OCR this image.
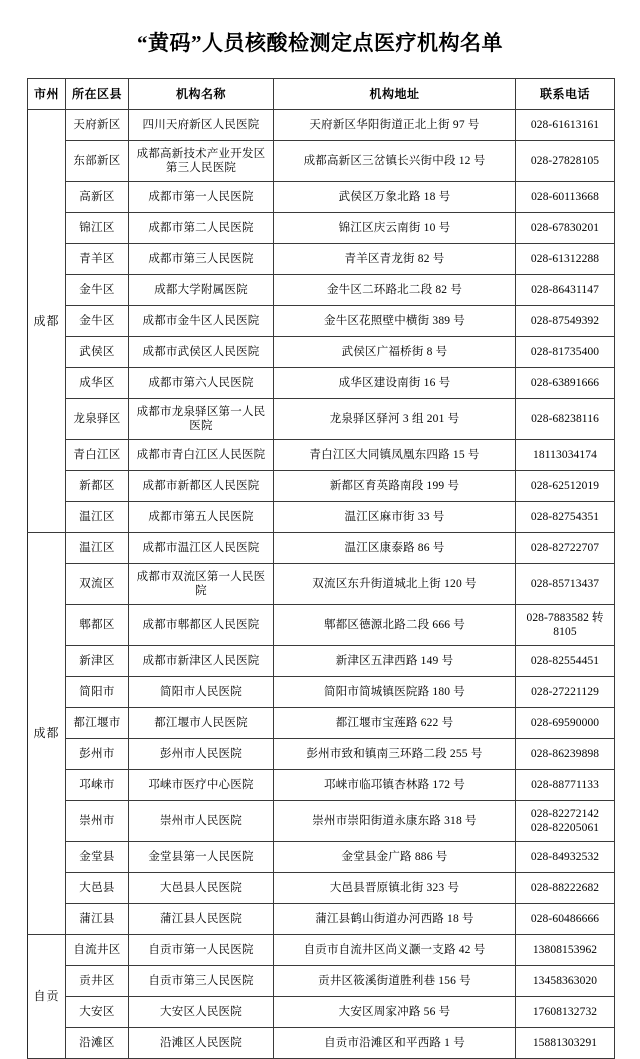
“黄码”人员核酸检测定点医疗机构名单
市州	所在区县	机构名称	机构地址	联系电话
成都	天府新区	四川天府新区人民医院	天府新区华阳街道正北上街 97 号	028-61613161

	东部新区	成都高新技术产业开发区第三人民医院	成都高新区三岔镇长兴街中段 12 号	028-27828105

	高新区	成都市第一人民医院	武侯区万象北路 18 号	028-60113668

	锦江区	成都市第二人民医院	锦江区庆云南街 10 号	028-67830201

	青羊区	成都市第三人民医院	青羊区青龙街 82 号	028-61312288

	金牛区	成都大学附属医院	金牛区二环路北二段 82 号	028-86431147

	金牛区	成都市金牛区人民医院	金牛区花照壁中横街 389 号	028-87549392

	武侯区	成都市武侯区人民医院	武侯区广福桥街 8 号	028-81735400

	成华区	成都市第六人民医院	成华区建设南街 16 号	028-63891666

	龙泉驿区	成都市龙泉驿区第一人民医院	龙泉驿区驿河 3 组 201 号	028-68238116

	青白江区	成都市青白江区人民医院	青白江区大同镇凤凰东四路 15 号	18113034174

	新都区	成都市新都区人民医院	新都区育英路南段 199 号	028-62512019

	温江区	成都市第五人民医院	温江区麻市街 33 号	028-82754351

成都	温江区	成都市温江区人民医院	温江区康泰路 86 号	028-82722707

	双流区	成都市双流区第一人民医院	双流区东升街道城北上街 120 号	028-85713437

	郫都区	成都市郫都区人民医院	郫都区德源北路二段 666 号	028-7883582 转
8105

	新津区	成都市新津区人民医院	新津区五津西路 149 号	028-82554451

	简阳市	简阳市人民医院	简阳市简城镇医院路 180 号	028-27221129

	都江堰市	都江堰市人民医院	都江堰市宝莲路 622 号	028-69590000

	彭州市	彭州市人民医院	彭州市致和镇南三环路二段 255 号	028-86239898

	邛崃市	邛崃市医疗中心医院	邛崃市临邛镇杏林路 172 号	028-88771133

	崇州市	崇州市人民医院	崇州市崇阳街道永康东路 318 号	028-82272142
028-82205061

	金堂县	金堂县第一人民医院	金堂县金广路 886 号	028-84932532

	大邑县	大邑县人民医院	大邑县晋原镇北街 323 号	028-88222682

	蒲江县	蒲江县人民医院	蒲江县鹤山街道办河西路 18 号	028-60486666

自贡	自流井区	自贡市第一人民医院	自贡市自流井区尚义灏一支路 42 号	13808153962

	贡井区	自贡市第三人民医院	贡井区筱溪街道胜利巷 156 号	13458363020

	大安区	大安区人民医院	大安区周家冲路 56 号	17608132732

	沿滩区	沿滩区人民医院	自贡市沿滩区和平西路 1 号	15881303291
